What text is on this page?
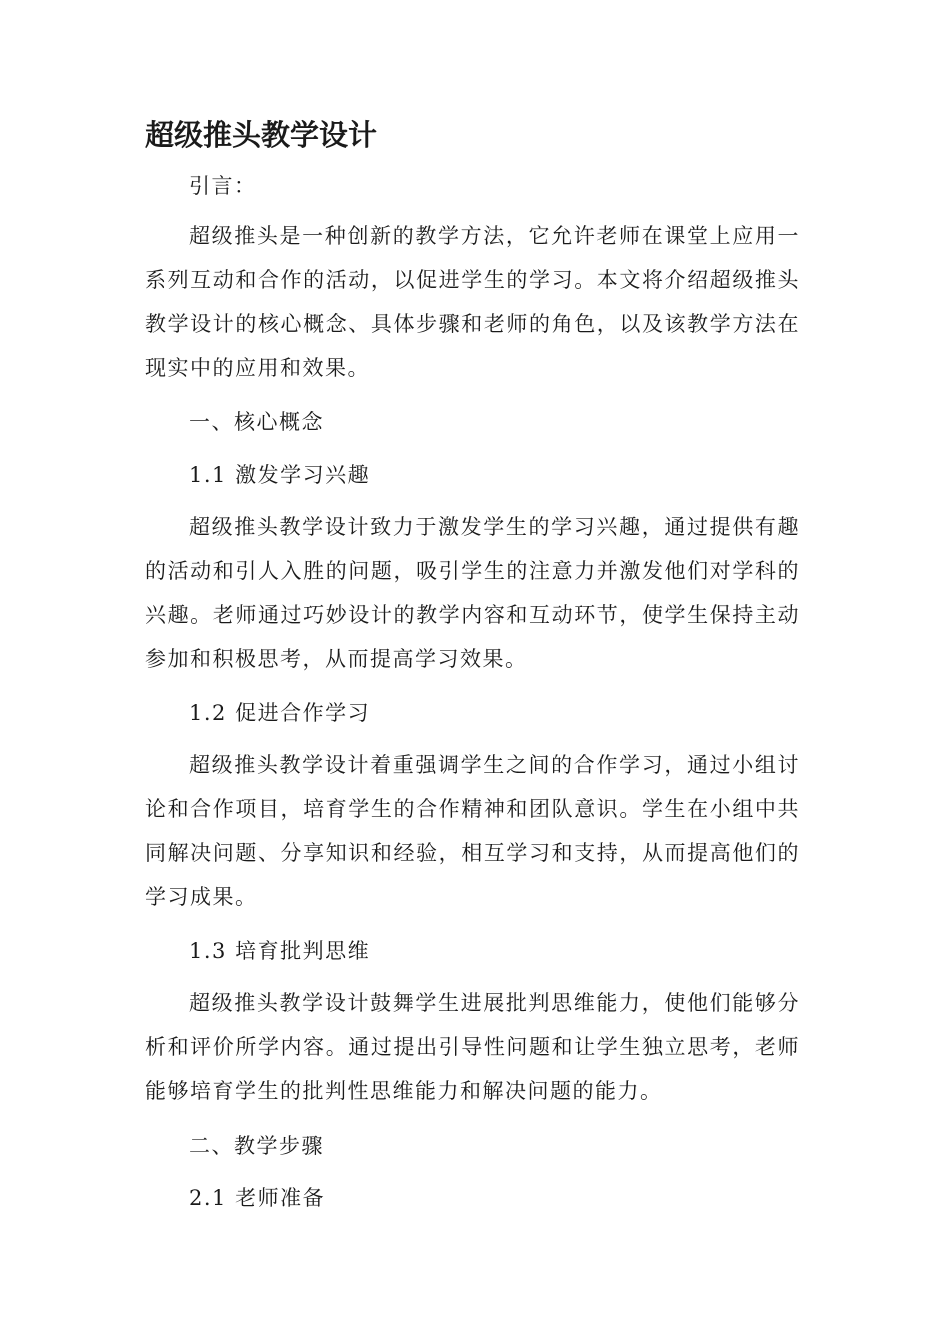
超级推头教学设计

引言：

超级推头是一种创新的教学方法，它允许老师在课堂上应用一系列互动和合作的活动，以促进学生的学习。本文将介绍超级推头教学设计的核心概念、具体步骤和老师的角色，以及该教学方法在现实中的应用和效果。

一、核心概念

1.1 激发学习兴趣

超级推头教学设计致力于激发学生的学习兴趣，通过提供有趣的活动和引人入胜的问题，吸引学生的注意力并激发他们对学科的兴趣。老师通过巧妙设计的教学内容和互动环节，使学生保持主动参加和积极思考，从而提高学习效果。

1.2 促进合作学习

超级推头教学设计着重强调学生之间的合作学习，通过小组讨论和合作项目，培育学生的合作精神和团队意识。学生在小组中共同解决问题、分享知识和经验，相互学习和支持，从而提高他们的学习成果。

1.3 培育批判思维

超级推头教学设计鼓舞学生进展批判思维能力，使他们能够分析和评价所学内容。通过提出引导性问题和让学生独立思考，老师能够培育学生的批判性思维能力和解决问题的能力。

二、教学步骤

2.1 老师准备
